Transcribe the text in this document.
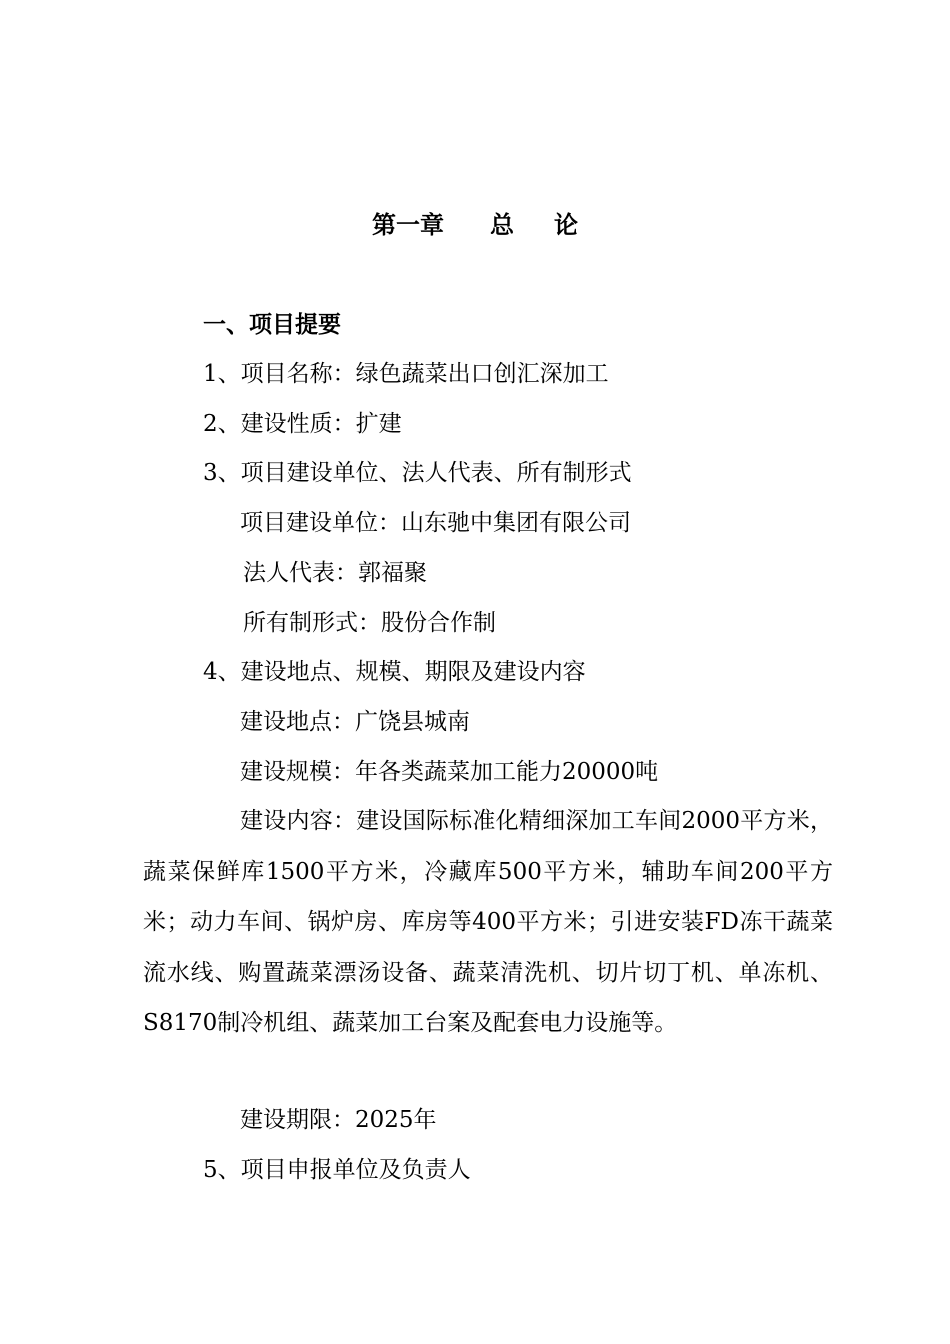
第一章 总 论
一、项目提要
1、项目名称：绿色蔬菜出口创汇深加工
2、建设性质：扩建
3、项目建设单位、法人代表、所有制形式
项目建设单位：山东驰中集团有限公司
法人代表：郭福聚
所有制形式：股份合作制
4、建设地点、规模、期限及建设内容
建设地点：广饶县城南
建设规模：年各类蔬菜加工能力20000吨
建设内容：建设国际标准化精细深加工车间2000平方米，蔬菜保鲜库1500平方米，冷藏库500平方米，辅助车间200平方米；动力车间、锅炉房、库房等400平方米；引进安装FD冻干蔬菜流水线、购置蔬菜漂汤设备、蔬菜清洗机、切片切丁机、单冻机、S8170制冷机组、蔬菜加工台案及配套电力设施等。
建设期限：2025年
5、项目申报单位及负责人
